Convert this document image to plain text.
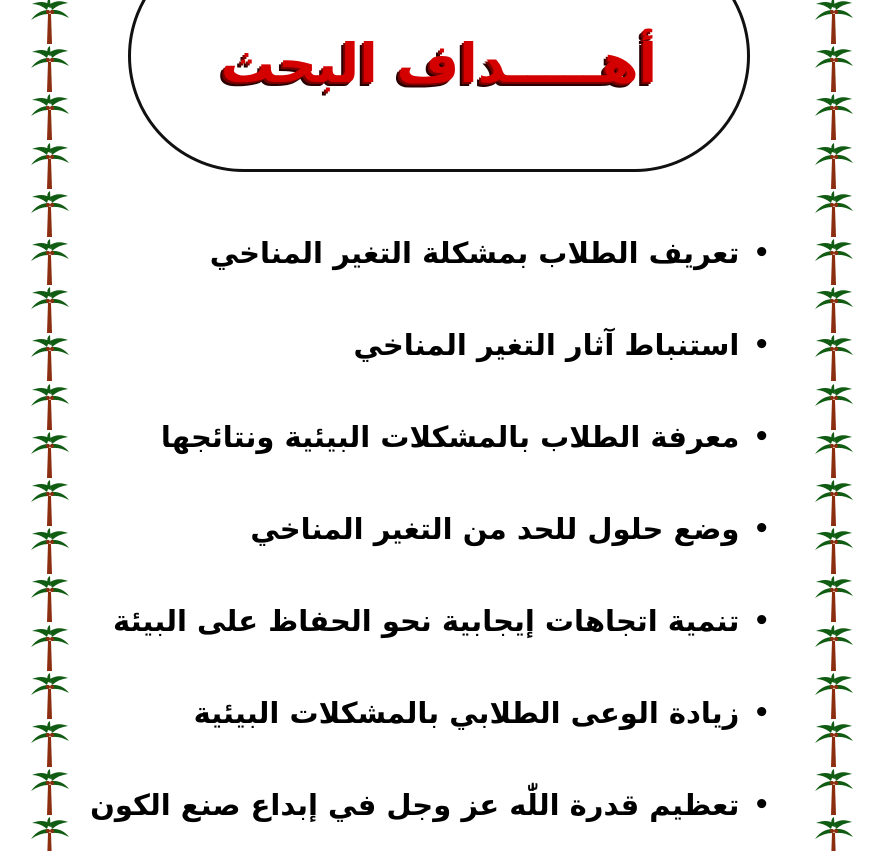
أهـــــداف البحث
•
تعريف الطلاب بمشكلة التغير المناخي
•
استنباط آثار التغير المناخي
•
معرفة الطلاب بالمشكلات البيئية ونتائجها
•
وضع حلول للحد من التغير المناخي
•
تنمية اتجاهات إيجابية نحو الحفاظ على البيئة
•
زيادة الوعى الطلابي بالمشكلات البيئية
•
تعظيم قدرة اللّٰه عز وجل في إبداع صنع الكون
